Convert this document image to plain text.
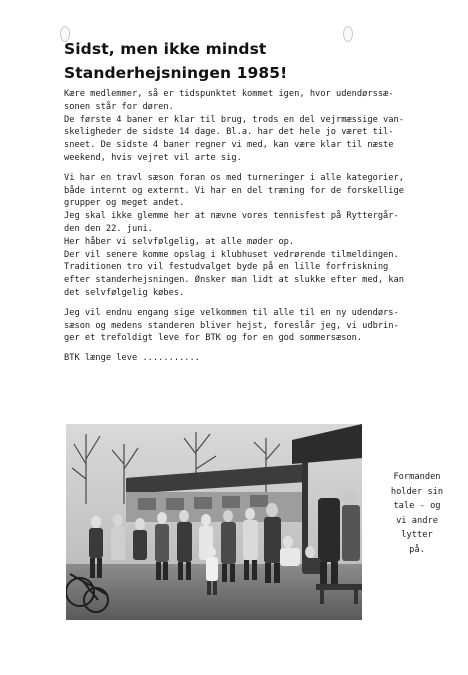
Sidst, men ikke mindst
Standerhejsningen 1985!

Kære medlemmer, så er tidspunktet kommet igen, hvor udendørssæ-
sonen står for døren.
De første 4 baner er klar til brug, trods en del vejrmæssige van-
skeligheder de sidste 14 dage. Bl.a. har det hele jo været til-
sneet. De sidste 4 baner regner vi med, kan være klar til næste
weekend, hvis vejret vil arte sig.

Vi har en travl sæson foran os med turneringer i alle kategorier,
både internt og externt. Vi har en del træning for de forskellige
grupper og meget andet.
Jeg skal ikke glemme her at nævne vores tennisfest på Ryttergår-
den den 22. juni.
Her håber vi selvfølgelig, at alle møder op.
Der vil senere komme opslag i klubhuset vedrørende tilmeldingen.
Traditionen tro vil festudvalget byde på en lille forfriskning
efter standerhejsningen. Ønsker man lidt at slukke efter med, kan
det selvfølgelig købes.

Jeg vil endnu engang sige velkommen til alle til en ny udendørs-
sæson og medens standeren bliver hejst, foreslår jeg, vi udbrin-
ger et trefoldigt leve for BTK og for en god sommersæson.

BTK længe leve ...........

Formanden
holder sin
tale - og
vi andre
lytter
på.
